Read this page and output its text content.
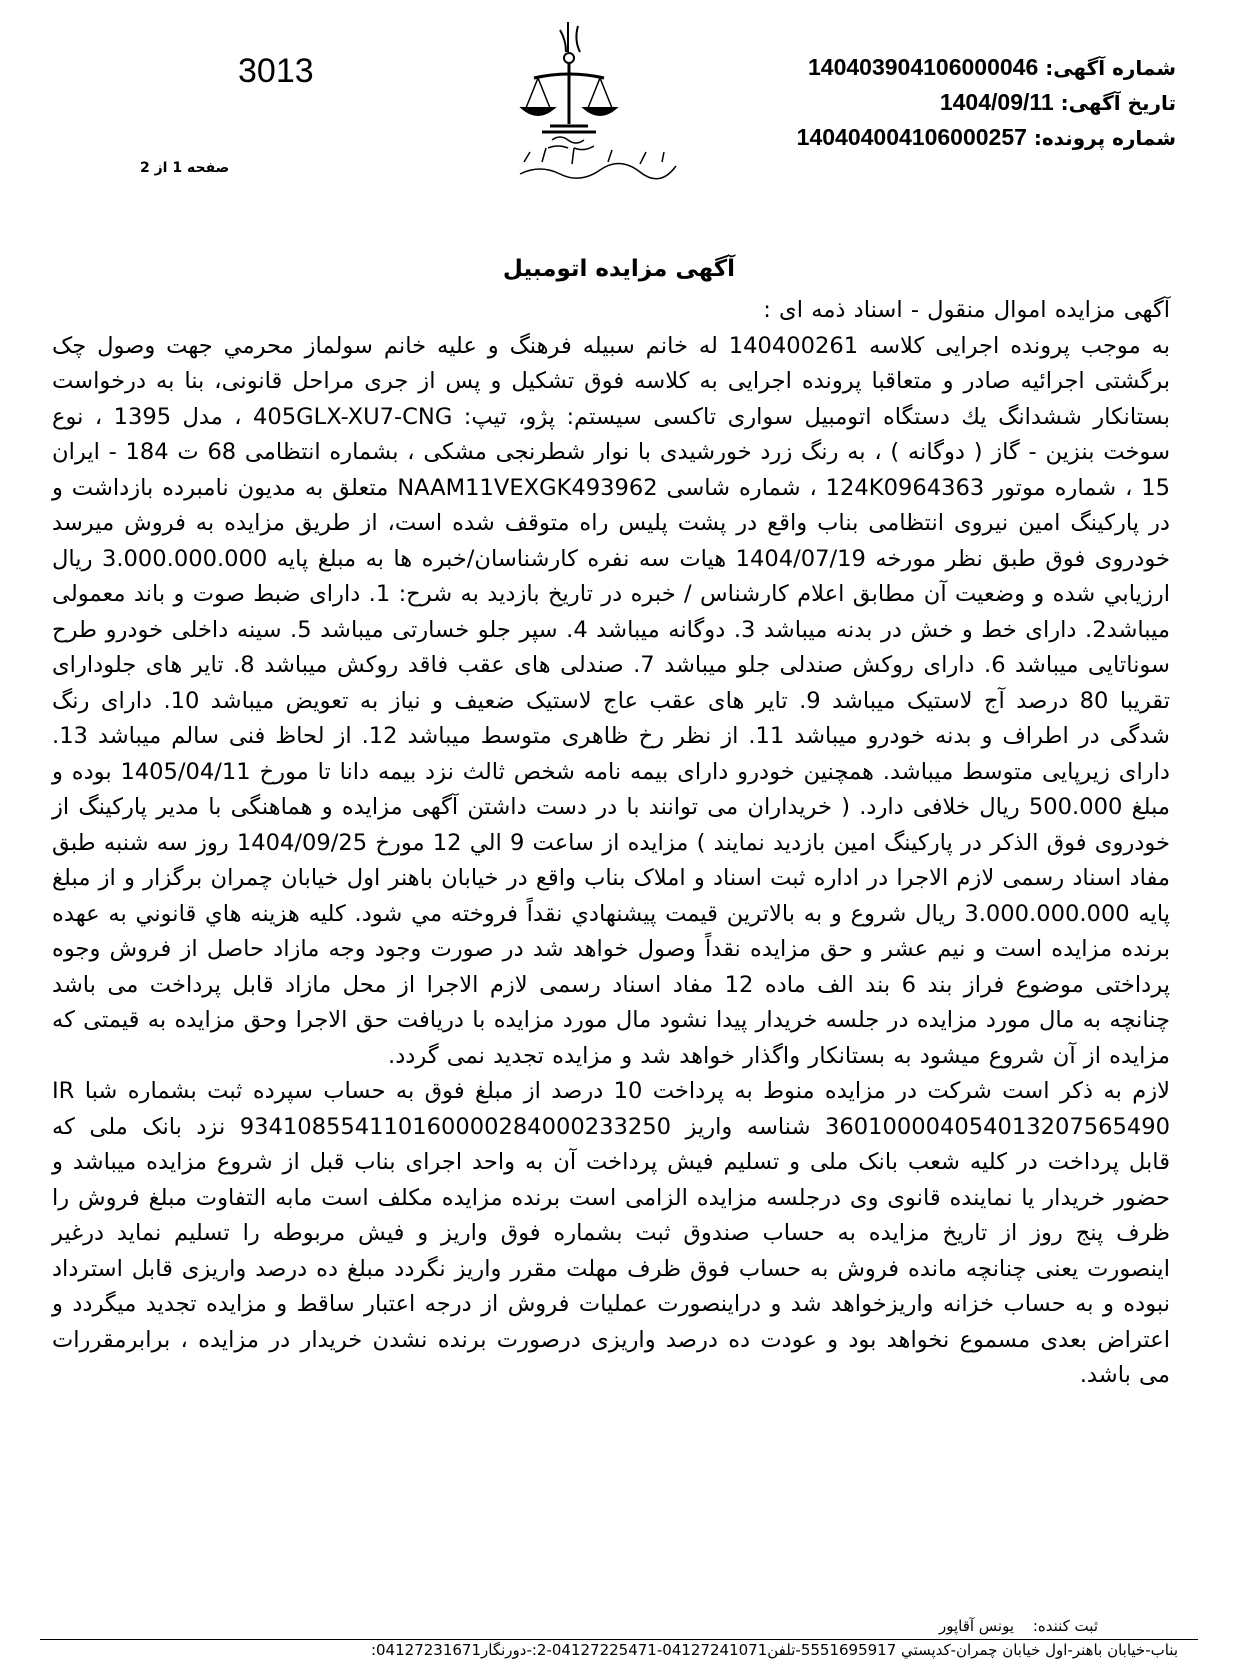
3013
صفحه 1 از 2
شماره آگهی: 140403904106000046
تاریخ آگهی: 1404/09/11
شماره پرونده: 140404004106000257
آگهی مزایده اتومبیل

آگهی مزایده اموال منقول - اسناد ذمه ای :

به موجب پرونده اجرایی کلاسه 140400261 له خانم سبیله فرهنگ و علیه خانم سولماز محرمي جهت وصول چک برگشتی اجرائیه صادر و متعاقبا پرونده اجرایی به کلاسه فوق تشکیل و پس از جری مراحل قانونی، بنا به درخواست بستانکار ششدانگ یك دستگاه اتومبیل سواری تاکسی سیستم: پژو، تیپ: 405GLX-XU7-CNG ، مدل 1395 ، نوع سوخت بنزین - گاز ( دوگانه ) ، به رنگ زرد خورشیدی با نوار شطرنجی مشکی ، بشماره انتظامی 68 ت 184 - ایران 15 ، شماره موتور 124K0964363 ، شماره شاسی NAAM11VEXGK493962 متعلق به مدیون نامبرده بازداشت و در پارکینگ امین نیروی انتظامی بناب واقع در پشت پلیس راه متوقف شده است، از طریق مزایده به فروش میرسد خودروی فوق طبق نظر مورخه 1404/07/19 هیات سه نفره کارشناسان/خبره ها به مبلغ پایه 3.000.000.000 ریال ارزيابي شده و وضعیت آن مطابق اعلام کارشناس / خبره در تاریخ بازدید به شرح: 1. دارای ضبط صوت و باند معمولی میباشد2. دارای خط و خش در بدنه میباشد 3. دوگانه میباشد 4. سپر جلو خسارتی میباشد 5. سینه داخلی خودرو طرح سوناتایی میباشد 6. دارای روکش صندلی جلو میباشد 7. صندلی های عقب فاقد روکش میباشد 8. تایر های جلودارای تقریبا 80 درصد آج لاستیک میباشد 9. تایر های عقب عاج لاستیک ضعیف و نیاز به تعویض میباشد 10. دارای رنگ شدگی در اطراف و بدنه خودرو میباشد 11. از نظر رخ ظاهری متوسط میباشد 12. از لحاظ فنی سالم میباشد 13. دارای زیرپایی متوسط میباشد. همچنین خودرو دارای بیمه نامه شخص ثالث نزد بیمه دانا تا مورخ 1405/04/11 بوده و مبلغ 500.000 ریال خلافی دارد. ( خریداران می توانند با در دست داشتن آگهی مزایده و هماهنگی با مدیر پارکینگ از خودروی فوق الذکر در پارکینگ امین بازدید نمایند ) مزایده از ساعت 9 الي 12 مورخ 1404/09/25 روز سه شنبه طبق مفاد اسناد رسمی لازم الاجرا در اداره ثبت اسناد و املاک بناب واقع در خیابان باهنر اول خیابان چمران برگزار و از مبلغ پایه 3.000.000.000 ریال شروع و به بالاترين قيمت پيشنهادي نقداً فروخته مي شود. كليه هزينه هاي قانوني به عهده برنده مزایده است و نیم عشر و حق مزایده نقداً وصول خواهد شد در صورت وجود وجه مازاد حاصل از فروش وجوه پرداختی موضوع فراز بند 6 بند الف ماده 12 مفاد اسناد رسمی لازم الاجرا از محل مازاد قابل پرداخت می باشد چنانچه به مال مورد مزایده در جلسه خریدار پیدا نشود مال مورد مزایده با دریافت حق الاجرا وحق مزایده به قیمتی که مزایده از آن شروع میشود به بستانکار واگذار خواهد شد و مزایده تجدید نمی گردد.

لازم به ذکر است شرکت در مزایده منوط به پرداخت 10 درصد از مبلغ فوق به حساب سپرده ثبت بشماره شبا IR 360100004054013207565490 شناسه واریز 934108554110160000284000233250 نزد بانک ملی که قابل پرداخت در کلیه شعب بانک ملی و تسلیم فیش پرداخت آن به واحد اجرای بناب قبل از شروع مزایده میباشد و حضور خریدار یا نماینده قانوی وی درجلسه مزایده الزامی است برنده مزایده مکلف است مابه التفاوت مبلغ فروش را ظرف پنج روز از تاریخ مزایده به حساب صندوق ثبت بشماره فوق واریز و فیش مربوطه را تسلیم نماید درغیر اینصورت یعنی چنانچه مانده فروش به حساب فوق ظرف مهلت مقرر واریز نگردد مبلغ ده درصد واریزی قابل استرداد نبوده و به حساب خزانه واریزخواهد شد و دراینصورت عملیات فروش از درجه اعتبار ساقط و مزایده تجدید میگردد و اعتراض بعدی مسموع نخواهد بود و عودت ده درصد واریزی درصورت برنده نشدن خریدار در مزایده ، برابرمقررات می باشد.

ثبت کننده: یونس آقاپور
بناب-خیابان باهنر-اول خیابان چمران-کدپستي 5551695917-تلفن04127241071-04127225471-2:-دورنگار04127231671:
